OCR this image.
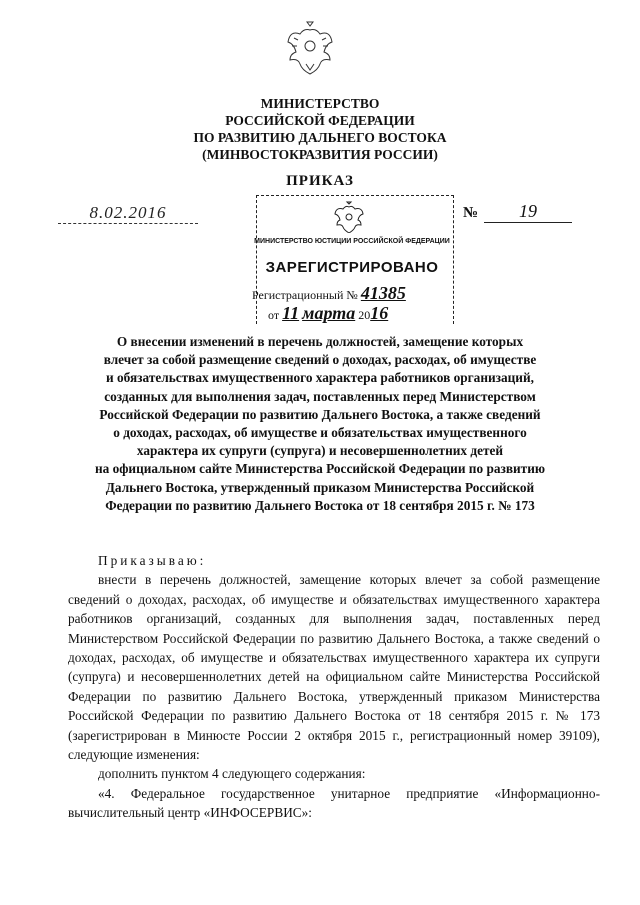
МИНИСТЕРСТВО
РОССИЙСКОЙ ФЕДЕРАЦИИ
ПО РАЗВИТИЮ ДАЛЬНЕГО ВОСТОКА
(МИНВОСТОКРАЗВИТИЯ РОССИИ)
ПРИКАЗ
8.02.2016	№	19
МИНИСТЕРСТВО ЮСТИЦИИ РОССИЙСКОЙ ФЕДЕРАЦИИ
ЗАРЕГИСТРИРОВАНО
Регистрационный № 41385
от 11 марта 2016
О внесении изменений в перечень должностей, замещение которых
влечет за собой размещение сведений о доходах, расходах, об имуществе
и обязательствах имущественного характера работников организаций,
созданных для выполнения задач, поставленных перед Министерством
Российской Федерации по развитию Дальнего Востока, а также сведений
о доходах, расходах, об имуществе и обязательствах имущественного
характера их супруги (супруга) и несовершеннолетних детей
на официальном сайте Министерства Российской Федерации по развитию
Дальнего Востока, утвержденный приказом Министерства Российской
Федерации по развитию Дальнего Востока от 18 сентября 2015 г. № 173
Приказываю:

внести в перечень должностей, замещение которых влечет за собой размещение сведений о доходах, расходах, об имуществе и обязательствах имущественного характера работников организаций, созданных для выполнения задач, поставленных перед Министерством Российской Федерации по развитию Дальнего Востока, а также сведений о доходах, расходах, об имуществе и обязательствах имущественного характера их супруги (супруга) и несовершеннолетних детей на официальном сайте Министерства Российской Федерации по развитию Дальнего Востока, утвержденный приказом Министерства Российской Федерации по развитию Дальнего Востока от 18 сентября 2015 г. № 173 (зарегистрирован в Минюсте России 2 октября 2015 г., регистрационный номер 39109), следующие изменения:

дополнить пунктом 4 следующего содержания:

«4. Федеральное государственное унитарное предприятие «Информационно-вычислительный центр «ИНФОСЕРВИС»:
